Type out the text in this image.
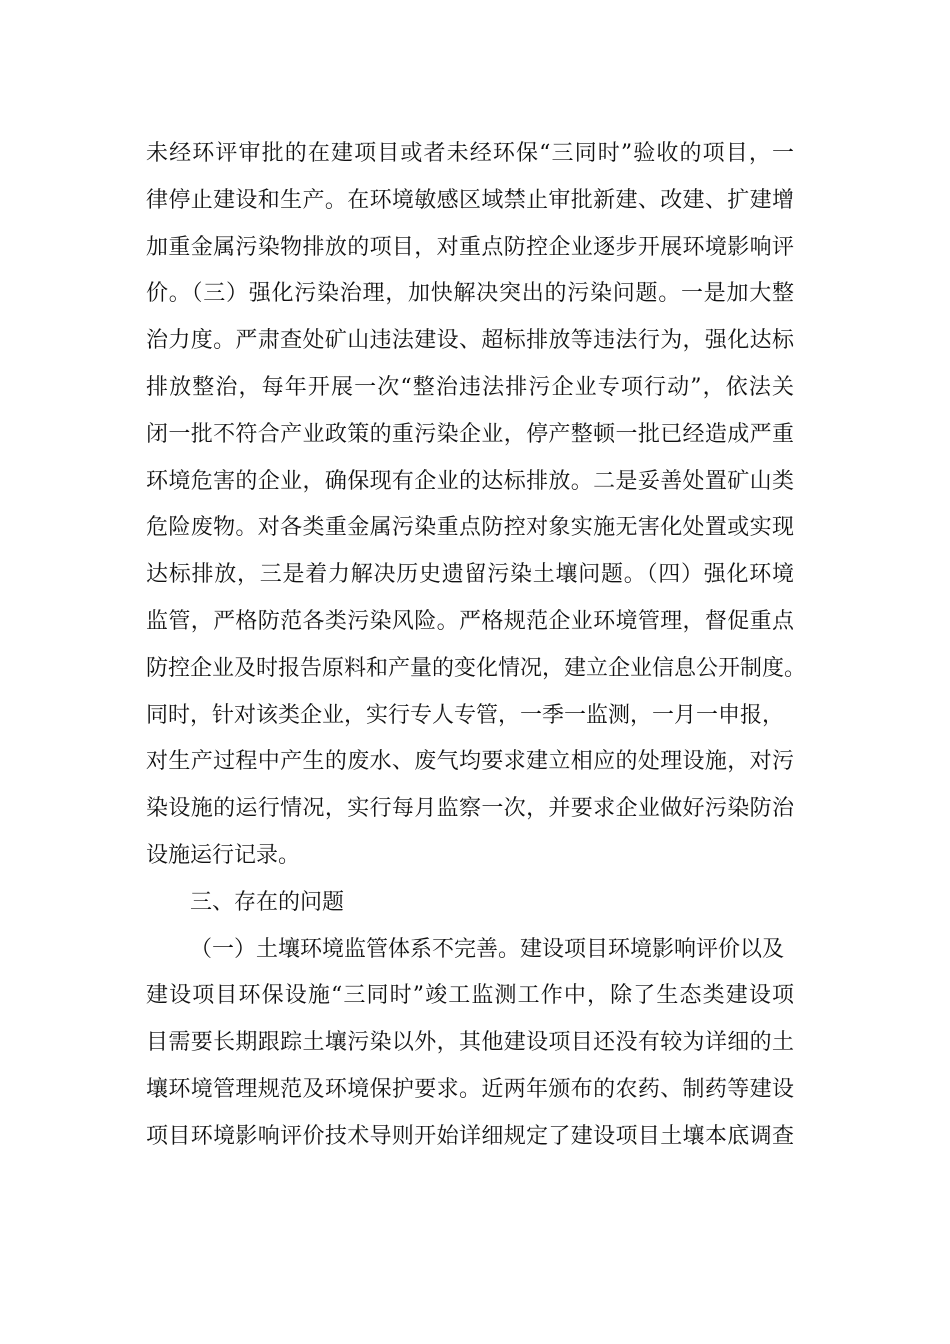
未经环评审批的在建项目或者未经环保“三同时”验收的项目，一
律停止建设和生产。在环境敏感区域禁止审批新建、改建、扩建增
加重金属污染物排放的项目，对重点防控企业逐步开展环境影响评
价。（三）强化污染治理，加快解决突出的污染问题。一是加大整
治力度。严肃查处矿山违法建设、超标排放等违法行为，强化达标
排放整治，每年开展一次“整治违法排污企业专项行动”，依法关
闭一批不符合产业政策的重污染企业，停产整顿一批已经造成严重
环境危害的企业，确保现有企业的达标排放。二是妥善处置矿山类
危险废物。对各类重金属污染重点防控对象实施无害化处置或实现
达标排放，三是着力解决历史遗留污染土壤问题。（四）强化环境
监管，严格防范各类污染风险。严格规范企业环境管理，督促重点
防控企业及时报告原料和产量的变化情况，建立企业信息公开制度。
同时，针对该类企业，实行专人专管，一季一监测，一月一申报，
对生产过程中产生的废水、废气均要求建立相应的处理设施，对污
染设施的运行情况，实行每月监察一次，并要求企业做好污染防治
设施运行记录。
三、存在的问题
（一）土壤环境监管体系不完善。建设项目环境影响评价以及
建设项目环保设施“三同时”竣工监测工作中，除了生态类建设项
目需要长期跟踪土壤污染以外，其他建设项目还没有较为详细的土
壤环境管理规范及环境保护要求。近两年颁布的农药、制药等建设
项目环境影响评价技术导则开始详细规定了建设项目土壤本底调查
